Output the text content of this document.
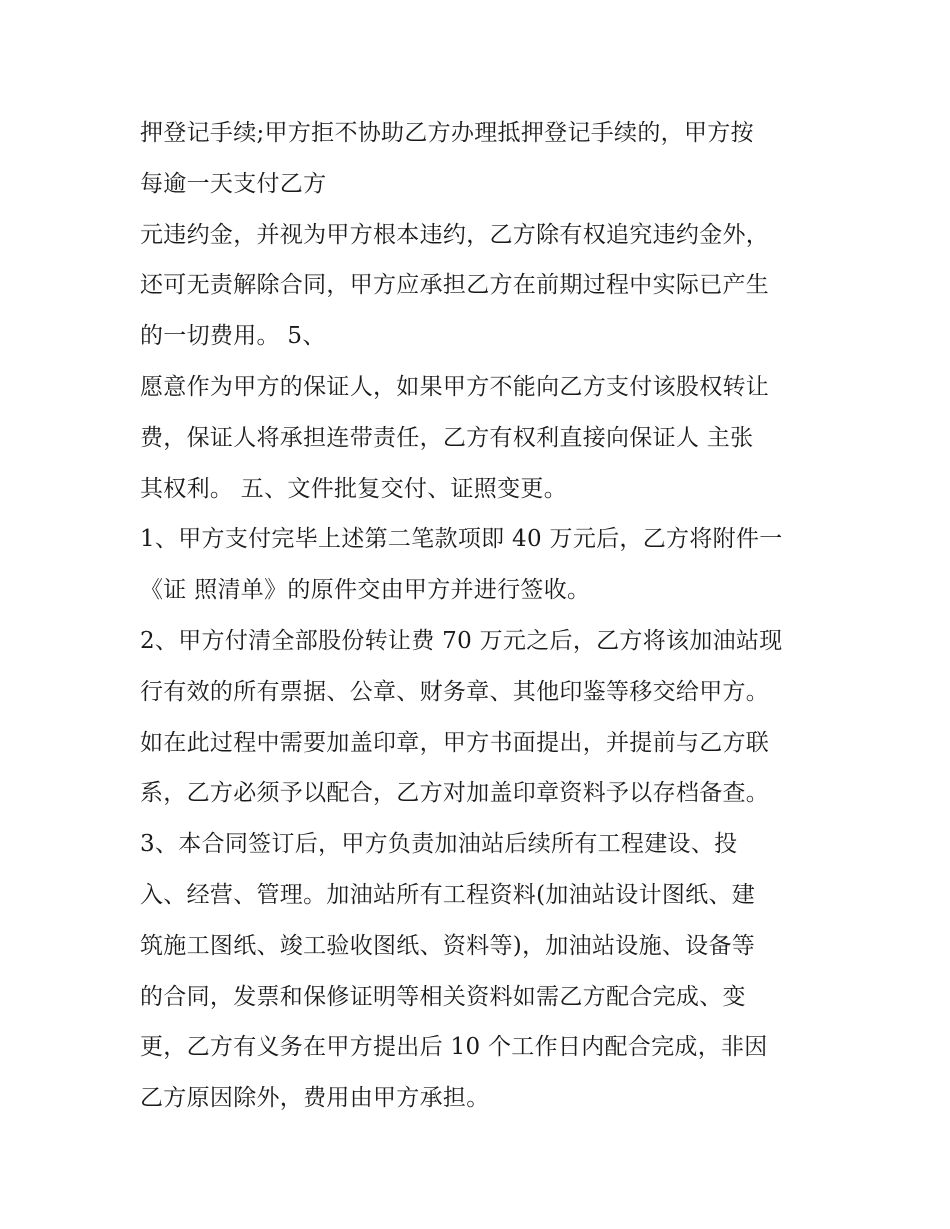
押登记手续;甲方拒不协助乙方办理抵押登记手续的，甲方按
每逾一天支付乙方
元违约金，并视为甲方根本违约，乙方除有权追究违约金外，
还可无责解除合同，甲方应承担乙方在前期过程中实际已产生
的一切费用。 5、
愿意作为甲方的保证人，如果甲方不能向乙方支付该股权转让
费，保证人将承担连带责任，乙方有权利直接向保证人 主张
其权利。 五、文件批复交付、证照变更。
1、甲方支付完毕上述第二笔款项即 40 万元后，乙方将附件一
《证 照清单》的原件交由甲方并进行签收。
2、甲方付清全部股份转让费 70 万元之后，乙方将该加油站现
行有效的所有票据、公章、财务章、其他印鉴等移交给甲方。
如在此过程中需要加盖印章，甲方书面提出，并提前与乙方联
系，乙方必须予以配合，乙方对加盖印章资料予以存档备查。
3、本合同签订后，甲方负责加油站后续所有工程建设、投
入、经营、管理。加油站所有工程资料(加油站设计图纸、建
筑施工图纸、竣工验收图纸、资料等)，加油站设施、设备等
的合同，发票和保修证明等相关资料如需乙方配合完成、变
更，乙方有义务在甲方提出后 10 个工作日内配合完成，非因
乙方原因除外，费用由甲方承担。
